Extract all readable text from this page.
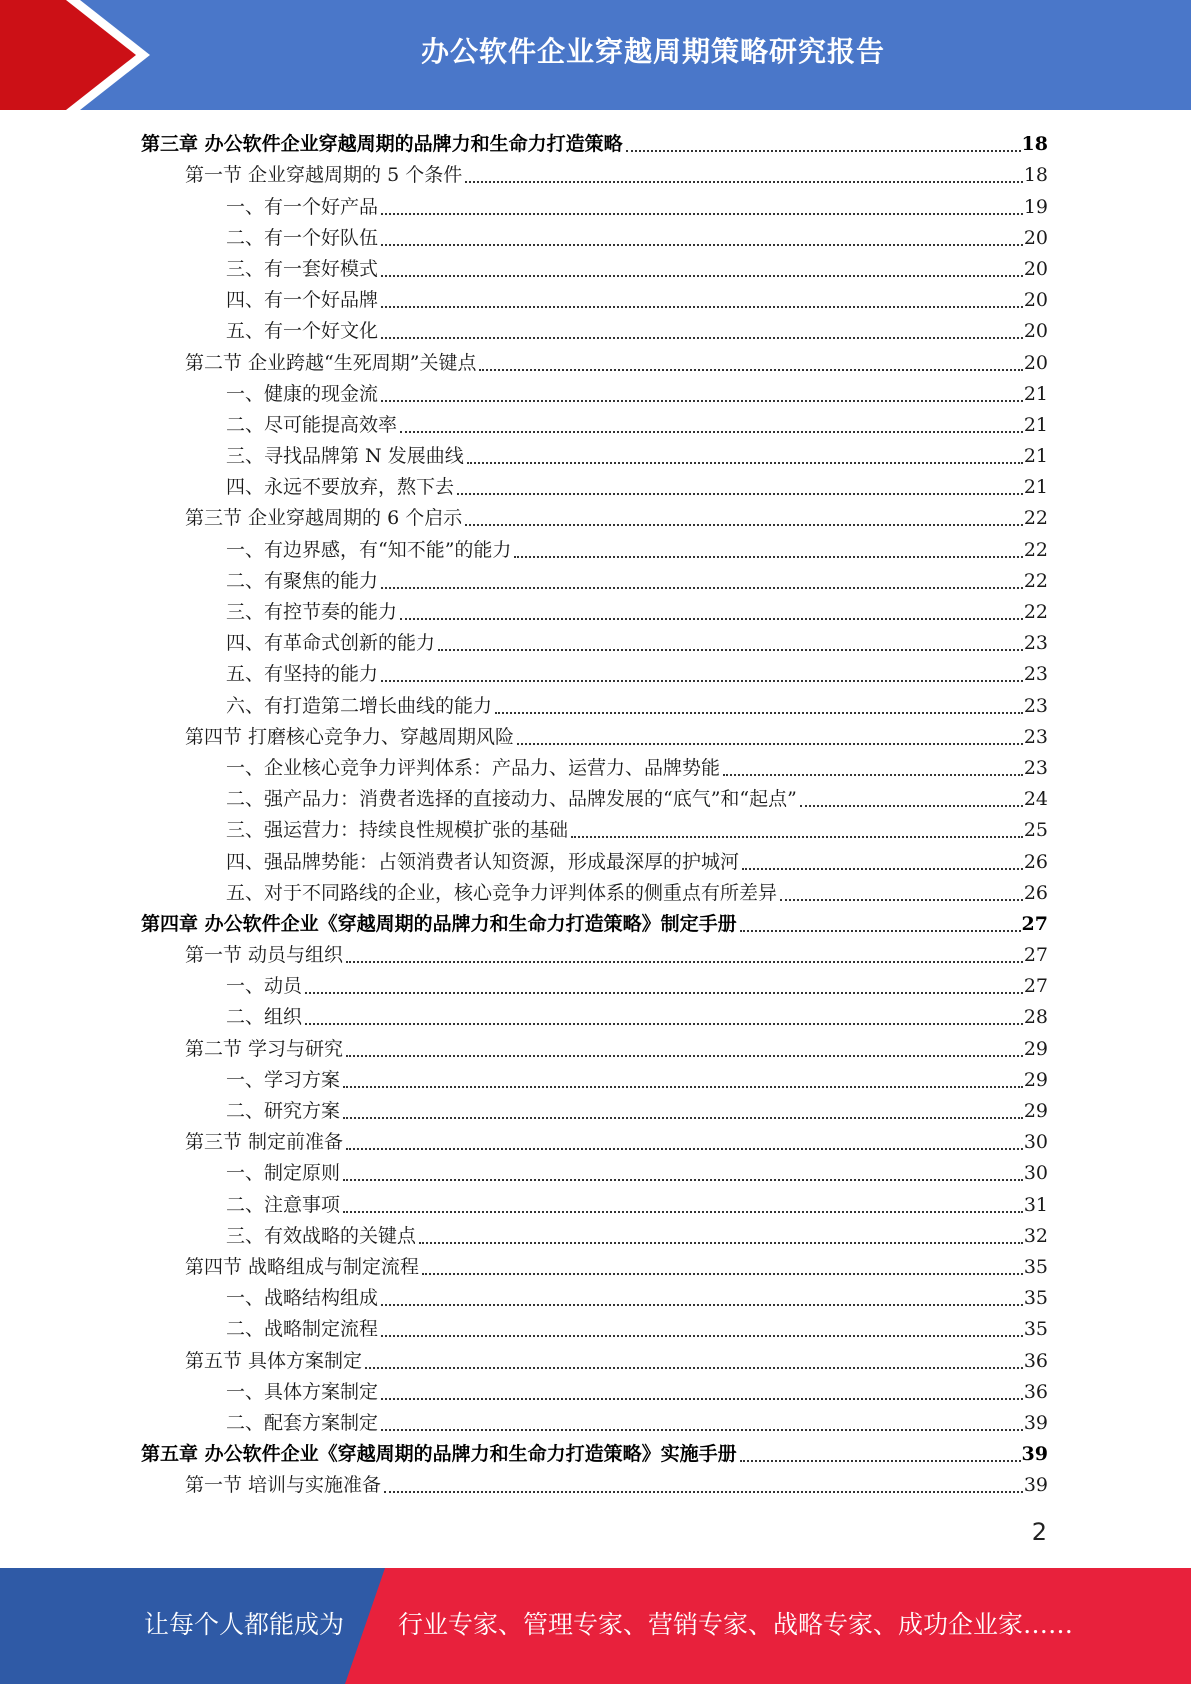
办公软件企业穿越周期策略研究报告
第三章 办公软件企业穿越周期的品牌力和生命力打造策略	18
第一节 企业穿越周期的 5 个条件	18
一、有一个好产品	19
二、有一个好队伍	20
三、有一套好模式	20
四、有一个好品牌	20
五、有一个好文化	20
第二节 企业跨越“生死周期”关键点	20
一、健康的现金流	21
二、尽可能提高效率	21
三、寻找品牌第 N 发展曲线	21
四、永远不要放弃，熬下去	21
第三节 企业穿越周期的 6 个启示	22
一、有边界感，有“知不能”的能力	22
二、有聚焦的能力	22
三、有控节奏的能力	22
四、有革命式创新的能力	23
五、有坚持的能力	23
六、有打造第二增长曲线的能力	23
第四节 打磨核心竞争力、穿越周期风险	23
一、企业核心竞争力评判体系：产品力、运营力、品牌势能	23
二、强产品力：消费者选择的直接动力、品牌发展的“底气”和“起点”	24
三、强运营力：持续良性规模扩张的基础	25
四、强品牌势能：占领消费者认知资源，形成最深厚的护城河	26
五、对于不同路线的企业，核心竞争力评判体系的侧重点有所差异	26
第四章 办公软件企业《穿越周期的品牌力和生命力打造策略》制定手册	27
第一节 动员与组织	27
一、动员	27
二、组织	28
第二节 学习与研究	29
一、学习方案	29
二、研究方案	29
第三节 制定前准备	30
一、制定原则	30
二、注意事项	31
三、有效战略的关键点	32
第四节 战略组成与制定流程	35
一、战略结构组成	35
二、战略制定流程	35
第五节 具体方案制定	36
一、具体方案制定	36
二、配套方案制定	39
第五章 办公软件企业《穿越周期的品牌力和生命力打造策略》实施手册	39
第一节 培训与实施准备	39
2
让每个人都能成为 行业专家、管理专家、营销专家、战略专家、成功企业家……
